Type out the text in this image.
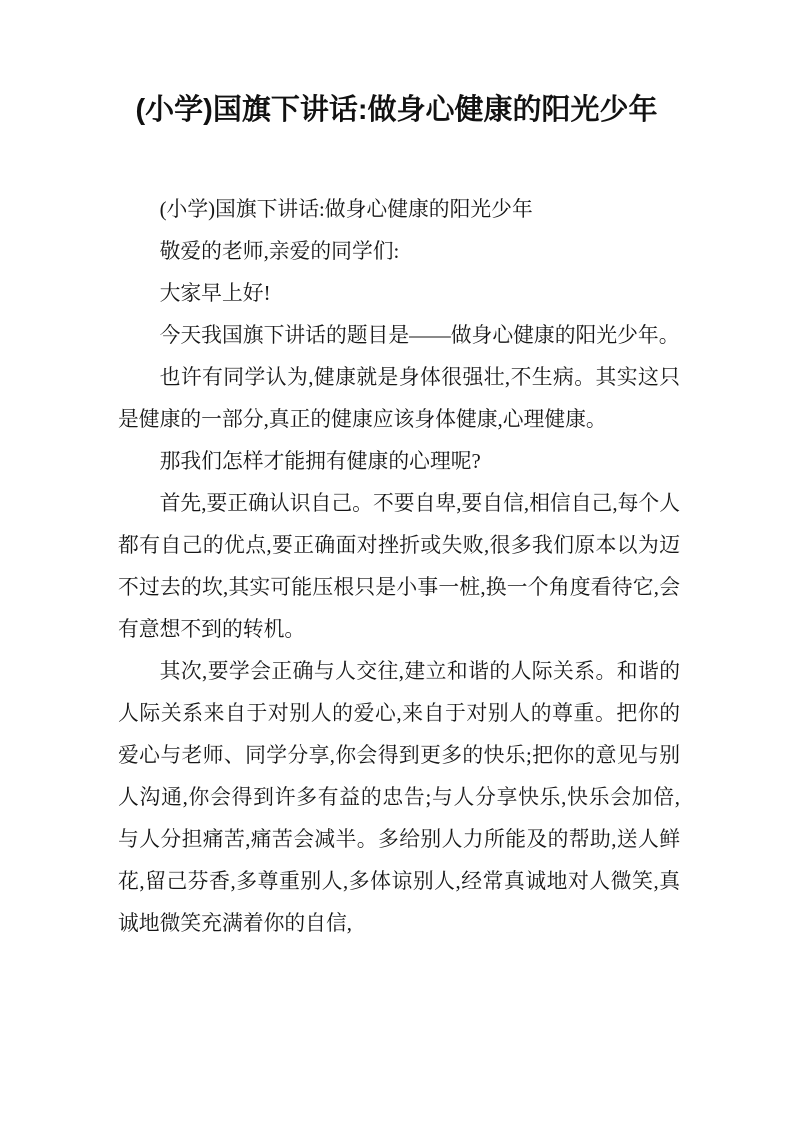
(小学)国旗下讲话:做身心健康的阳光少年

(小学)国旗下讲话:做身心健康的阳光少年

敬爱的老师,亲爱的同学们:

大家早上好!

今天我国旗下讲话的题目是——做身心健康的阳光少年。

也许有同学认为,健康就是身体很强壮,不生病。其实这只是健康的一部分,真正的健康应该身体健康,心理健康。

那我们怎样才能拥有健康的心理呢?

首先,要正确认识自己。不要自卑,要自信,相信自己,每个人都有自己的优点,要正确面对挫折或失败,很多我们原本以为迈不过去的坎,其实可能压根只是小事一桩,换一个角度看待它,会有意想不到的转机。

其次,要学会正确与人交往,建立和谐的人际关系。和谐的人际关系来自于对别人的爱心,来自于对别人的尊重。把你的爱心与老师、同学分享,你会得到更多的快乐;把你的意见与别人沟通,你会得到许多有益的忠告;与人分享快乐,快乐会加倍,与人分担痛苦,痛苦会减半。多给别人力所能及的帮助,送人鲜花,留己芬香,多尊重别人,多体谅别人,经常真诚地对人微笑,真诚地微笑充满着你的自信,
